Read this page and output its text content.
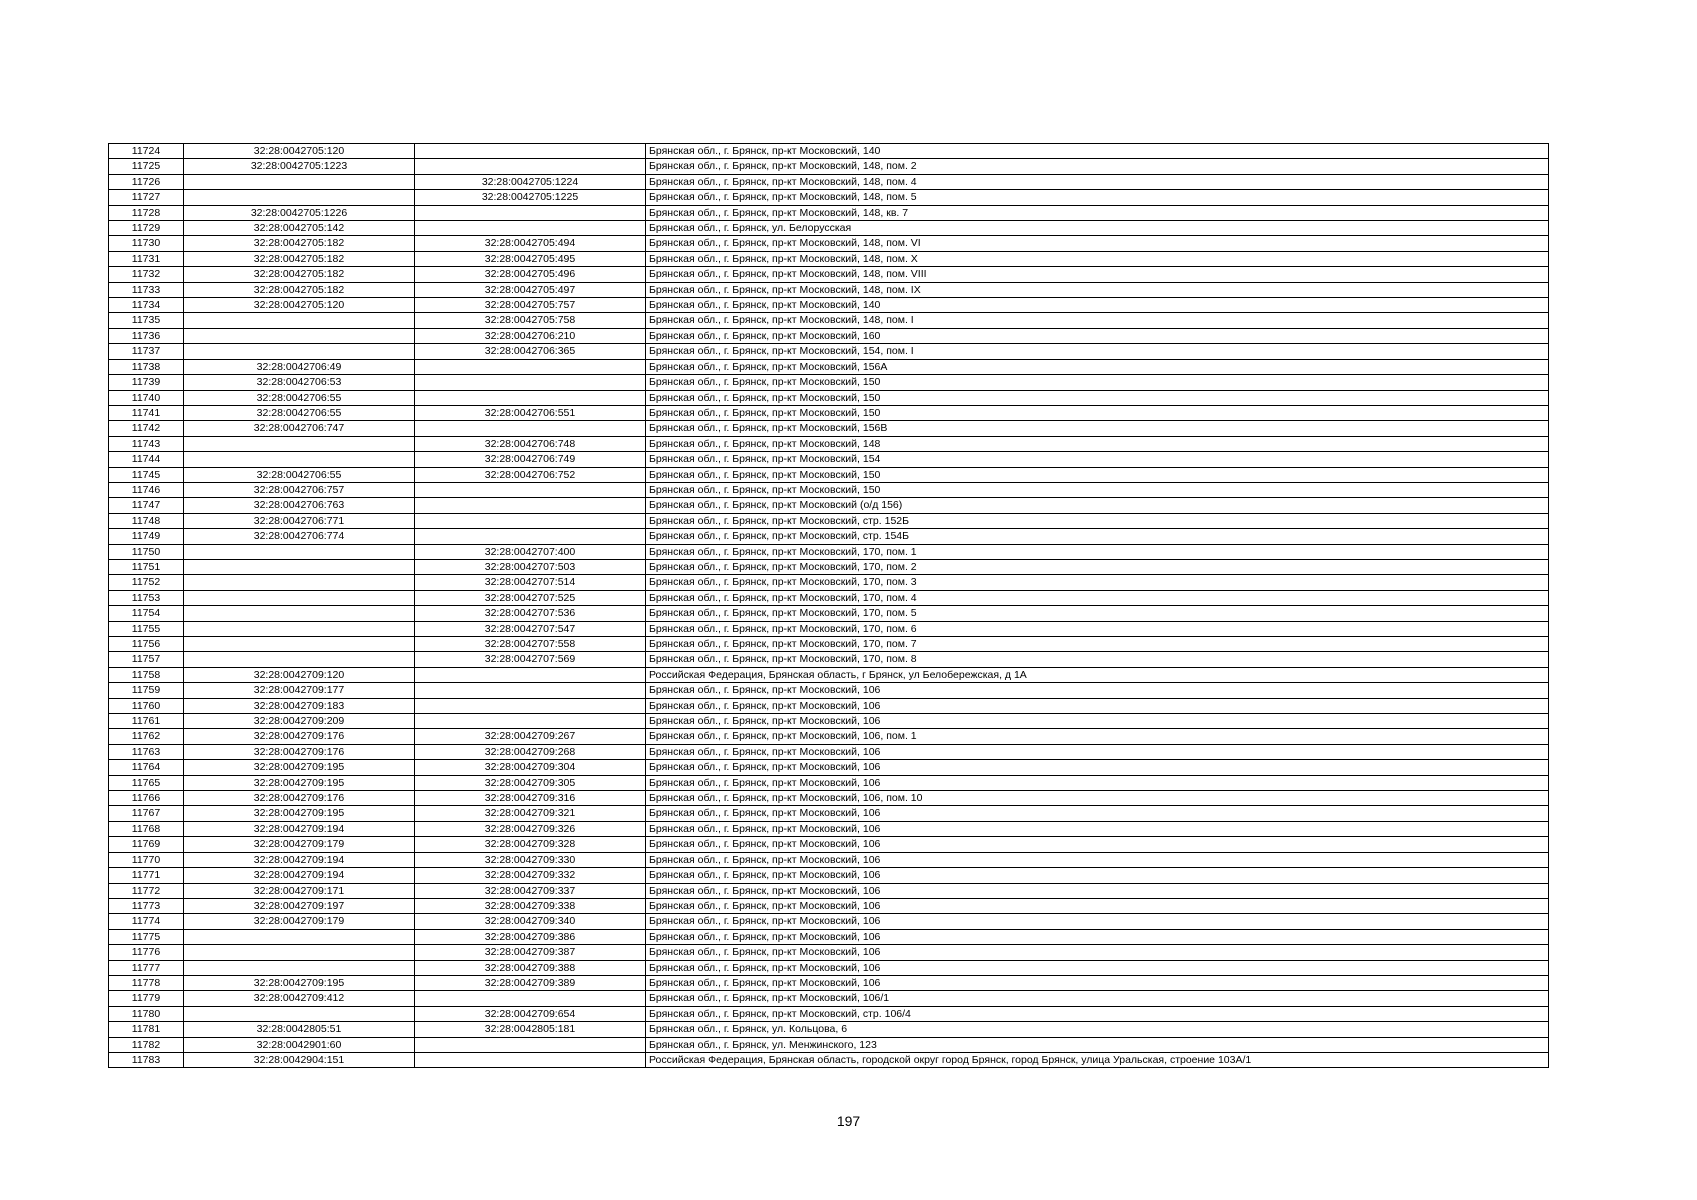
11724	32:28:0042705:120		Брянская обл., г. Брянск, пр-кт Московский, 140
11725	32:28:0042705:1223		Брянская обл., г. Брянск, пр-кт Московский, 148, пом. 2
11726		32:28:0042705:1224	Брянская обл., г. Брянск, пр-кт Московский, 148, пом. 4
11727		32:28:0042705:1225	Брянская обл., г. Брянск, пр-кт Московский, 148, пом. 5
11728	32:28:0042705:1226		Брянская обл., г. Брянск, пр-кт Московский, 148, кв. 7
11729	32:28:0042705:142		Брянская обл., г. Брянск, ул. Белорусская
11730	32:28:0042705:182	32:28:0042705:494	Брянская обл., г. Брянск, пр-кт Московский, 148, пом. VI
11731	32:28:0042705:182	32:28:0042705:495	Брянская обл., г. Брянск, пр-кт Московский, 148, пом. X
11732	32:28:0042705:182	32:28:0042705:496	Брянская обл., г. Брянск, пр-кт Московский, 148, пом. VIII
11733	32:28:0042705:182	32:28:0042705:497	Брянская обл., г. Брянск, пр-кт Московский, 148, пом. IX
11734	32:28:0042705:120	32:28:0042705:757	Брянская обл., г. Брянск, пр-кт Московский, 140
11735		32:28:0042705:758	Брянская обл., г. Брянск, пр-кт Московский, 148, пом. I
11736		32:28:0042706:210	Брянская обл., г. Брянск, пр-кт Московский, 160
11737		32:28:0042706:365	Брянская обл., г. Брянск, пр-кт Московский, 154, пом. I
11738	32:28:0042706:49		Брянская обл., г. Брянск, пр-кт Московский, 156А
11739	32:28:0042706:53		Брянская обл., г. Брянск, пр-кт Московский, 150
11740	32:28:0042706:55		Брянская обл., г. Брянск, пр-кт Московский, 150
11741	32:28:0042706:55	32:28:0042706:551	Брянская обл., г. Брянск, пр-кт Московский, 150
11742	32:28:0042706:747		Брянская обл., г. Брянск, пр-кт Московский, 156В
11743		32:28:0042706:748	Брянская обл., г. Брянск, пр-кт Московский, 148
11744		32:28:0042706:749	Брянская обл., г. Брянск, пр-кт Московский, 154
11745	32:28:0042706:55	32:28:0042706:752	Брянская обл., г. Брянск, пр-кт Московский, 150
11746	32:28:0042706:757		Брянская обл., г. Брянск, пр-кт Московский, 150
11747	32:28:0042706:763		Брянская обл., г. Брянск, пр-кт Московский (о/д 156)
11748	32:28:0042706:771		Брянская обл., г. Брянск, пр-кт Московский, стр. 152Б
11749	32:28:0042706:774		Брянская обл., г. Брянск, пр-кт Московский, стр. 154Б
11750		32:28:0042707:400	Брянская обл., г. Брянск, пр-кт Московский, 170, пом. 1
11751		32:28:0042707:503	Брянская обл., г. Брянск, пр-кт Московский, 170, пом. 2
11752		32:28:0042707:514	Брянская обл., г. Брянск, пр-кт Московский, 170, пом. 3
11753		32:28:0042707:525	Брянская обл., г. Брянск, пр-кт Московский, 170, пом. 4
11754		32:28:0042707:536	Брянская обл., г. Брянск, пр-кт Московский, 170, пом. 5
11755		32:28:0042707:547	Брянская обл., г. Брянск, пр-кт Московский, 170, пом. 6
11756		32:28:0042707:558	Брянская обл., г. Брянск, пр-кт Московский, 170, пом. 7
11757		32:28:0042707:569	Брянская обл., г. Брянск, пр-кт Московский, 170, пом. 8
11758	32:28:0042709:120		Российская Федерация, Брянская область, г Брянск, ул Белобережская, д 1А
11759	32:28:0042709:177		Брянская обл., г. Брянск, пр-кт Московский, 106
11760	32:28:0042709:183		Брянская обл., г. Брянск, пр-кт Московский, 106
11761	32:28:0042709:209		Брянская обл., г. Брянск, пр-кт Московский, 106
11762	32:28:0042709:176	32:28:0042709:267	Брянская обл., г. Брянск, пр-кт Московский, 106, пом. 1
11763	32:28:0042709:176	32:28:0042709:268	Брянская обл., г. Брянск, пр-кт Московский, 106
11764	32:28:0042709:195	32:28:0042709:304	Брянская обл., г. Брянск, пр-кт Московский, 106
11765	32:28:0042709:195	32:28:0042709:305	Брянская обл., г. Брянск, пр-кт Московский, 106
11766	32:28:0042709:176	32:28:0042709:316	Брянская обл., г. Брянск, пр-кт Московский, 106, пом. 10
11767	32:28:0042709:195	32:28:0042709:321	Брянская обл., г. Брянск, пр-кт Московский, 106
11768	32:28:0042709:194	32:28:0042709:326	Брянская обл., г. Брянск, пр-кт Московский, 106
11769	32:28:0042709:179	32:28:0042709:328	Брянская обл., г. Брянск, пр-кт Московский, 106
11770	32:28:0042709:194	32:28:0042709:330	Брянская обл., г. Брянск, пр-кт Московский, 106
11771	32:28:0042709:194	32:28:0042709:332	Брянская обл., г. Брянск, пр-кт Московский, 106
11772	32:28:0042709:171	32:28:0042709:337	Брянская обл., г. Брянск, пр-кт Московский, 106
11773	32:28:0042709:197	32:28:0042709:338	Брянская обл., г. Брянск, пр-кт Московский, 106
11774	32:28:0042709:179	32:28:0042709:340	Брянская обл., г. Брянск, пр-кт Московский, 106
11775		32:28:0042709:386	Брянская обл., г. Брянск, пр-кт Московский, 106
11776		32:28:0042709:387	Брянская обл., г. Брянск, пр-кт Московский, 106
11777		32:28:0042709:388	Брянская обл., г. Брянск, пр-кт Московский, 106
11778	32:28:0042709:195	32:28:0042709:389	Брянская обл., г. Брянск, пр-кт Московский, 106
11779	32:28:0042709:412		Брянская обл., г. Брянск, пр-кт Московский, 106/1
11780		32:28:0042709:654	Брянская обл., г. Брянск, пр-кт Московский, стр. 106/4
11781	32:28:0042805:51	32:28:0042805:181	Брянская обл., г. Брянск, ул. Кольцова, 6
11782	32:28:0042901:60		Брянская обл., г. Брянск, ул. Менжинского, 123
11783	32:28:0042904:151		Российская Федерация, Брянская область, городской округ город Брянск, город Брянск, улица Уральская, строение 103А/1
197
